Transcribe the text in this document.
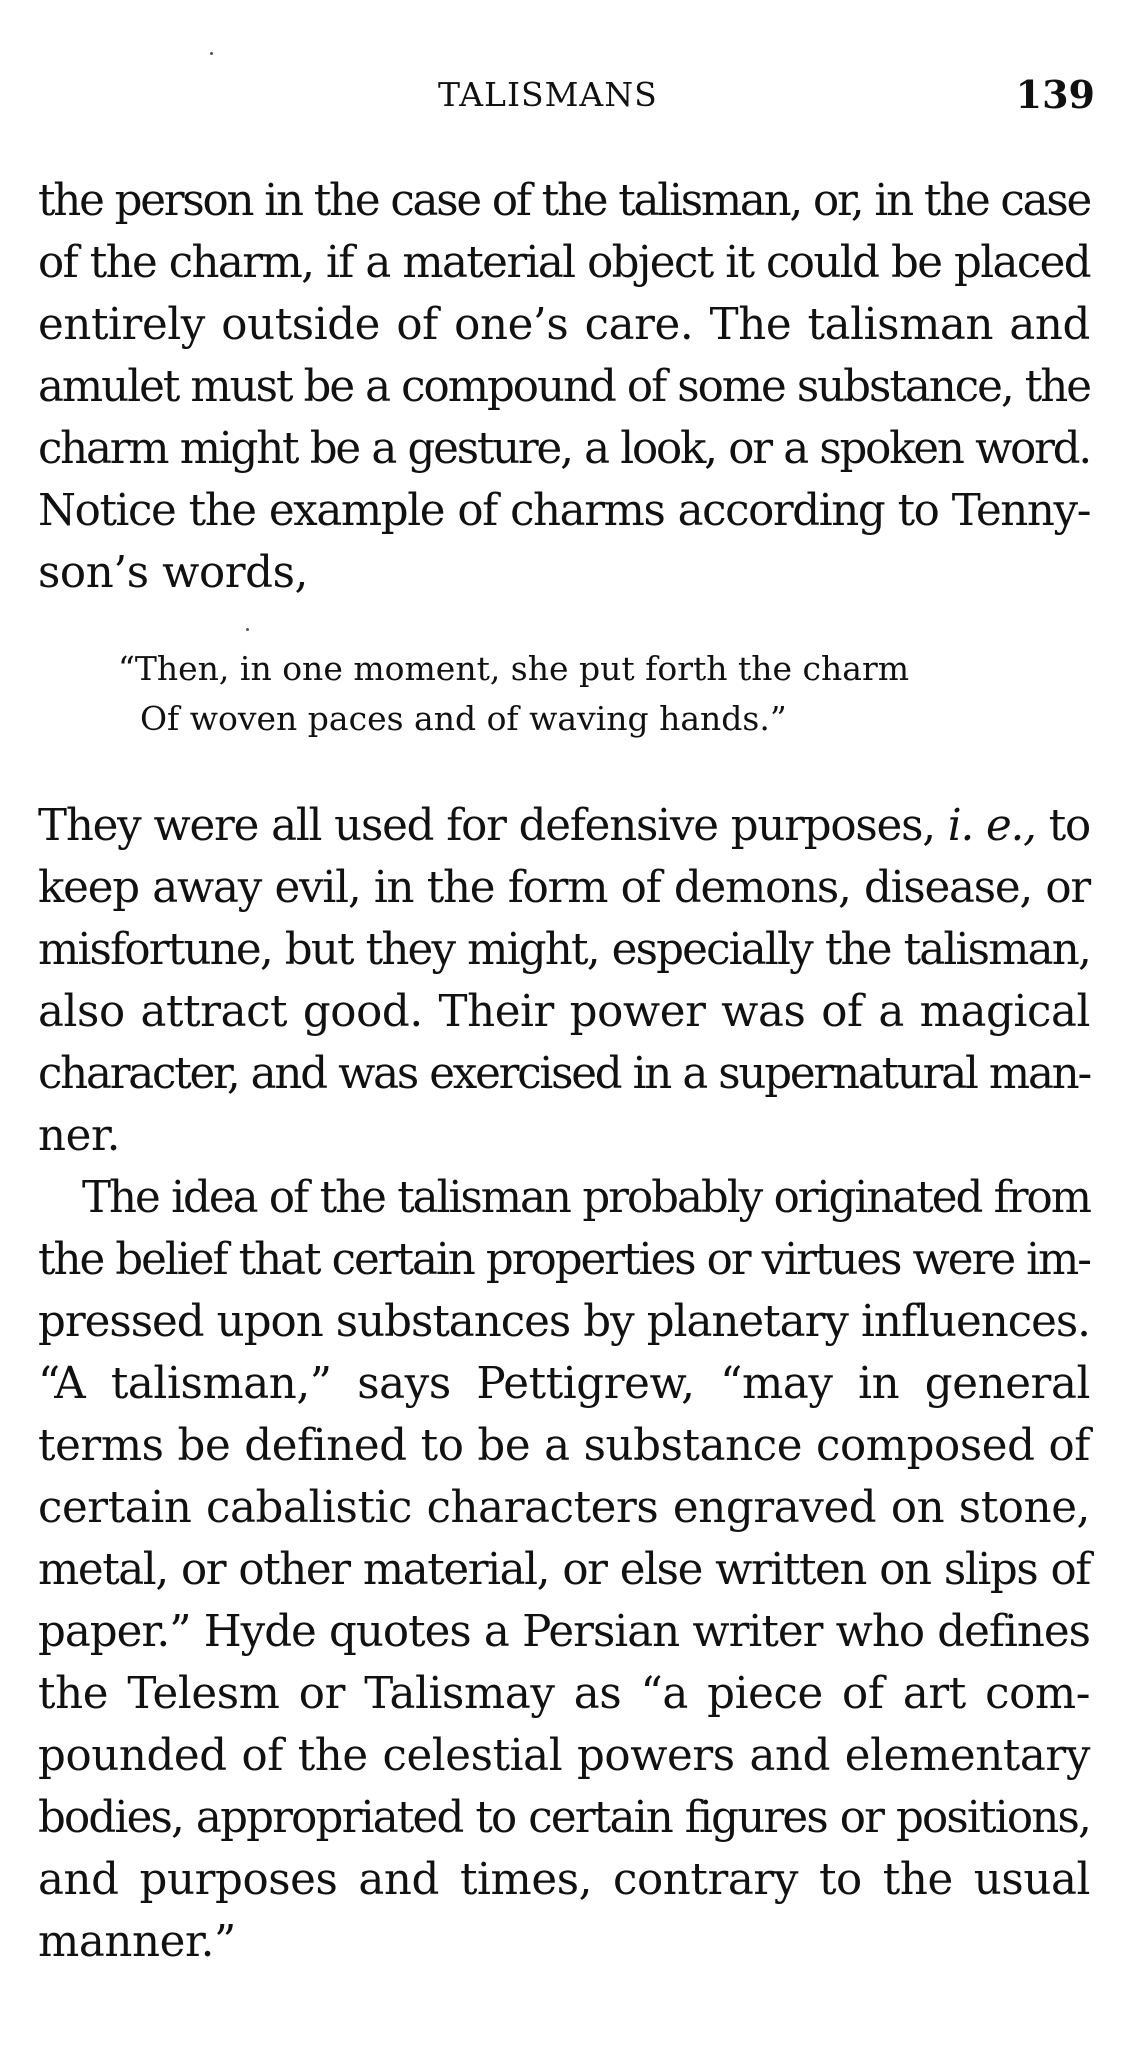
TALISMANS	139
the person in the case of the talisman, or, in the case
of the charm, if a material object it could be placed
entirely outside of one’s care. The talisman and
amulet must be a compound of some substance, the
charm might be a gesture, a look, or a spoken word.
Notice the example of charms according to Tenny-
son’s words,
“Then, in one moment, she put forth the charm
Of woven paces and of waving hands.”
They were all used for defensive purposes, i. e., to
keep away evil, in the form of demons, disease, or
misfortune, but they might, especially the talisman,
also attract good. Their power was of a magical
character, and was exercised in a supernatural man-
ner.
The idea of the talisman probably originated from
the belief that certain properties or virtues were im-
pressed upon substances by planetary influences.
“A talisman,” says Pettigrew, “may in general
terms be defined to be a substance composed of
certain cabalistic characters engraved on stone,
metal, or other material, or else written on slips of
paper.” Hyde quotes a Persian writer who defines
the Telesm or Talismay as “a piece of art com-
pounded of the celestial powers and elementary
bodies, appropriated to certain figures or positions,
and purposes and times, contrary to the usual
manner.”
